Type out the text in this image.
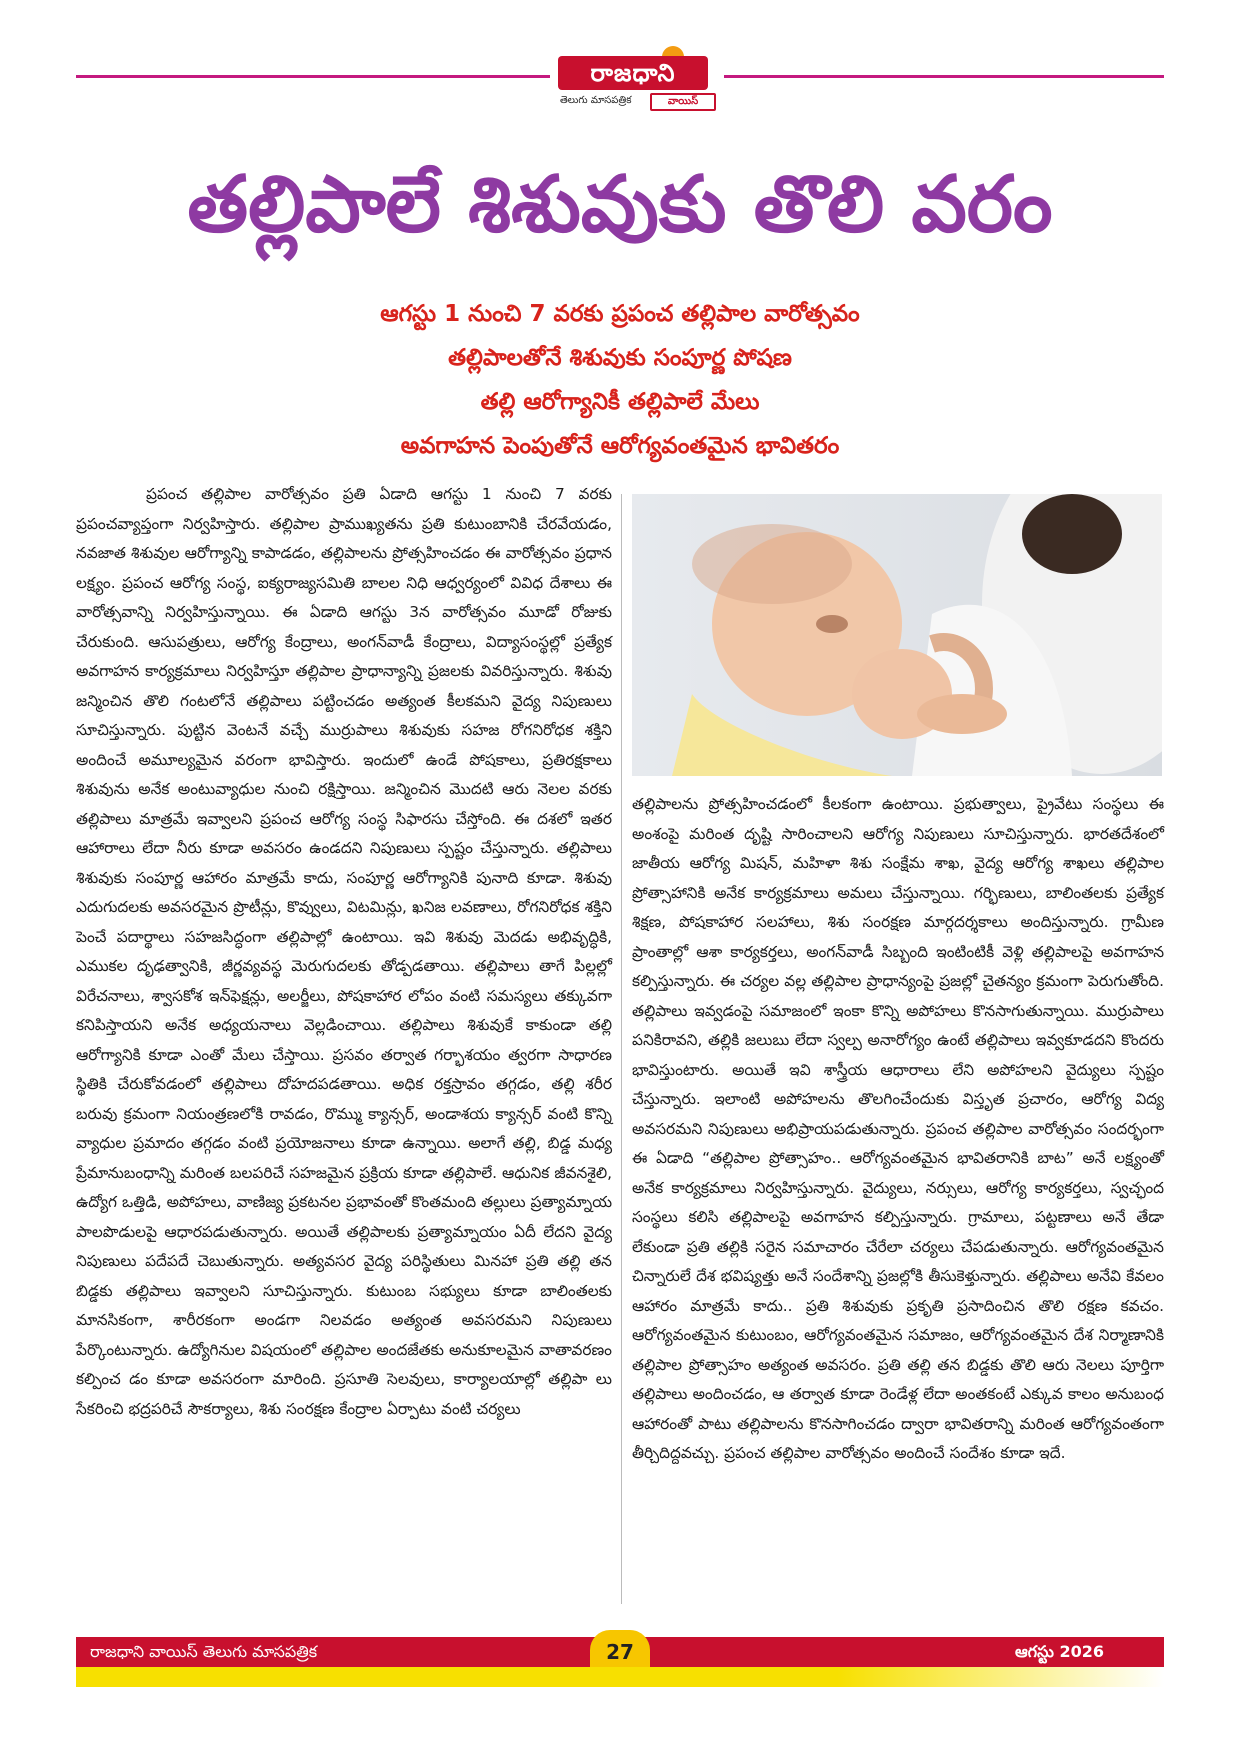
రాజధాని
తెలుగు మాసపత్రిక	వాయిస్
తల్లిపాలే శిశువుకు తొలి వరం
ఆగస్టు 1 నుంచి 7 వరకు ప్రపంచ తల్లిపాల వారోత్సవం
తల్లిపాలతోనే శిశువుకు సంపూర్ణ పోషణ
తల్లి ఆరోగ్యానికీ తల్లిపాలే మేలు
అవగాహన పెంపుతోనే ఆరోగ్యవంతమైన భావితరం

ప్రపంచ తల్లిపాల వారోత్సవం ప్రతి ఏడాది ఆగస్టు 1 నుంచి 7 వరకు ప్రపంచవ్యాప్తంగా నిర్వహిస్తారు. తల్లిపాల ప్రాముఖ్యతను ప్రతి కుటుంబానికి చేరవేయడం, నవజాత శిశువుల ఆరోగ్యాన్ని కాపాడడం, తల్లిపాలను ప్రోత్సహించడం ఈ వారోత్సవం ప్రధాన లక్ష్యం. ప్రపంచ ఆరోగ్య సంస్థ, ఐక్యరాజ్యసమితి బాలల నిధి ఆధ్వర్యంలో వివిధ దేశాలు ఈ వారోత్సవాన్ని నిర్వహిస్తున్నాయి. ఈ ఏడాది ఆగస్టు 3న వారోత్సవం మూడో రోజుకు చేరుకుంది. ఆసుపత్రులు, ఆరోగ్య కేంద్రాలు, అంగన్‌వాడీ కేంద్రాలు, విద్యాసంస్థల్లో ప్రత్యేక అవగాహన కార్యక్రమాలు నిర్వహిస్తూ తల్లిపాల ప్రాధాన్యాన్ని ప్రజలకు వివరిస్తున్నారు. శిశువు జన్మించిన తొలి గంటలోనే తల్లిపాలు పట్టించడం అత్యంత కీలకమని వైద్య నిపుణులు సూచిస్తున్నారు. పుట్టిన వెంటనే వచ్చే ముర్రుపాలు శిశువుకు సహజ రోగనిరోధక శక్తిని అందించే అమూల్యమైన వరంగా భావిస్తారు. ఇందులో ఉండే పోషకాలు, ప్రతిరక్షకాలు శిశువును అనేక అంటువ్యాధుల నుంచి రక్షిస్తాయి. జన్మించిన మొదటి ఆరు నెలల వరకు తల్లిపాలు మాత్రమే ఇవ్వాలని ప్రపంచ ఆరోగ్య సంస్థ సిఫారసు చేస్తోంది. ఈ దశలో ఇతర ఆహారాలు లేదా నీరు కూడా అవసరం ఉండదని నిపుణులు స్పష్టం చేస్తున్నారు. తల్లిపాలు శిశువుకు సంపూర్ణ ఆహారం మాత్రమే కాదు, సంపూర్ణ ఆరోగ్యానికి పునాది కూడా. శిశువు ఎదుగుదలకు అవసరమైన ప్రొటీన్లు, కొవ్వులు, విటమిన్లు, ఖనిజ లవణాలు, రోగనిరోధక శక్తిని పెంచే పదార్థాలు సహజసిద్ధంగా తల్లిపాల్లో ఉంటాయి. ఇవి శిశువు మెదడు అభివృద్ధికి, ఎముకల దృఢత్వానికి, జీర్ణవ్యవస్థ మెరుగుదలకు తోడ్పడతాయి. తల్లిపాలు తాగే పిల్లల్లో విరేచనాలు, శ్వాసకోశ ఇన్‌ఫెక్షన్లు, అలర్జీలు, పోషకాహార లోపం వంటి సమస్యలు తక్కువగా కనిపిస్తాయని అనేక అధ్యయనాలు వెల్లడించాయి. తల్లిపాలు శిశువుకే కాకుండా తల్లి ఆరోగ్యానికి కూడా ఎంతో మేలు చేస్తాయి. ప్రసవం తర్వాత గర్భాశయం త్వరగా సాధారణ స్థితికి చేరుకోవడంలో తల్లిపాలు దోహదపడతాయి. అధిక రక్తస్రావం తగ్గడం, తల్లి శరీర బరువు క్రమంగా నియంత్రణలోకి రావడం, రొమ్ము క్యాన్సర్, అండాశయ క్యాన్సర్ వంటి కొన్ని వ్యాధుల ప్రమాదం తగ్గడం వంటి ప్రయోజనాలు కూడా ఉన్నాయి. అలాగే తల్లి, బిడ్డ మధ్య ప్రేమానుబంధాన్ని మరింత బలపరిచే సహజమైన ప్రక్రియ కూడా తల్లిపాలే. ఆధునిక జీవనశైలి, ఉద్యోగ ఒత్తిడి, అపోహలు, వాణిజ్య ప్రకటనల ప్రభావంతో కొంతమంది తల్లులు ప్రత్యామ్నాయ పాలపొడులపై ఆధారపడుతున్నారు. అయితే తల్లిపాలకు ప్రత్యామ్నాయం ఏదీ లేదని వైద్య నిపుణులు పదేపదే చెబుతున్నారు. అత్యవసర వైద్య పరిస్థితులు మినహా ప్రతి తల్లి తన బిడ్డకు తల్లిపాలు ఇవ్వాలని సూచిస్తున్నారు. కుటుంబ సభ్యులు కూడా బాలింతలకు మానసికంగా, శారీరకంగా అండగా నిలవడం అత్యంత అవసరమని నిపుణులు పేర్కొంటున్నారు. ఉద్యోగినుల విషయంలో తల్లిపాల అందజేతకు అనుకూలమైన వాతావరణం కల్పించ డం కూడా అవసరంగా మారింది. ప్రసూతి సెలవులు, కార్యాలయాల్లో తల్లిపా లు సేకరించి భద్రపరిచే సౌకర్యాలు, శిశు సంరక్షణ కేంద్రాల ఏర్పాటు వంటి చర్యలు

తల్లిపాలను ప్రోత్సహించడంలో కీలకంగా ఉంటాయి. ప్రభుత్వాలు, ప్రైవేటు సంస్థలు ఈ అంశంపై మరింత దృష్టి సారించాలని ఆరోగ్య నిపుణులు సూచిస్తున్నారు. భారతదేశంలో జాతీయ ఆరోగ్య మిషన్, మహిళా శిశు సంక్షేమ శాఖ, వైద్య ఆరోగ్య శాఖలు తల్లిపాల ప్రోత్సాహానికి అనేక కార్యక్రమాలు అమలు చేస్తున్నాయి. గర్భిణులు, బాలింతలకు ప్రత్యేక శిక్షణ, పోషకాహార సలహాలు, శిశు సంరక్షణ మార్గదర్శకాలు అందిస్తున్నారు. గ్రామీణ ప్రాంతాల్లో ఆశా కార్యకర్తలు, అంగన్‌వాడీ సిబ్బంది ఇంటింటికీ వెళ్లి తల్లిపాలపై అవగాహన కల్పిస్తున్నారు. ఈ చర్యల వల్ల తల్లిపాల ప్రాధాన్యంపై ప్రజల్లో చైతన్యం క్రమంగా పెరుగుతోంది. తల్లిపాలు ఇవ్వడంపై సమాజంలో ఇంకా కొన్ని అపోహలు కొనసాగుతున్నాయి. ముర్రుపాలు పనికిరావని, తల్లికి జలుబు లేదా స్వల్ప అనారోగ్యం ఉంటే తల్లిపాలు ఇవ్వకూడదని కొందరు భావిస్తుంటారు. అయితే ఇవి శాస్త్రీయ ఆధారాలు లేని అపోహలని వైద్యులు స్పష్టం చేస్తున్నారు. ఇలాంటి అపోహలను తొలగించేందుకు విస్తృత ప్రచారం, ఆరోగ్య విద్య అవసరమని నిపుణులు అభిప్రాయపడుతున్నారు. ప్రపంచ తల్లిపాల వారోత్సవం సందర్భంగా ఈ ఏడాది “తల్లిపాల ప్రోత్సాహం.. ఆరోగ్యవంతమైన భావితరానికి బాట” అనే లక్ష్యంతో అనేక కార్యక్రమాలు నిర్వహిస్తున్నారు. వైద్యులు, నర్సులు, ఆరోగ్య కార్యకర్తలు, స్వచ్ఛంద సంస్థలు కలిసి తల్లిపాలపై అవగాహన కల్పిస్తున్నారు. గ్రామాలు, పట్టణాలు అనే తేడా లేకుండా ప్రతి తల్లికి సరైన సమాచారం చేరేలా చర్యలు చేపడుతున్నారు. ఆరోగ్యవంతమైన చిన్నారులే దేశ భవిష్యత్తు అనే సందేశాన్ని ప్రజల్లోకి తీసుకెళ్తున్నారు. తల్లిపాలు అనేవి కేవలం ఆహారం మాత్రమే కాదు.. ప్రతి శిశువుకు ప్రకృతి ప్రసాదించిన తొలి రక్షణ కవచం. ఆరోగ్యవంతమైన కుటుంబం, ఆరోగ్యవంతమైన సమాజం, ఆరోగ్యవంతమైన దేశ నిర్మాణానికి తల్లిపాల ప్రోత్సాహం అత్యంత అవసరం. ప్రతి తల్లి తన బిడ్డకు తొలి ఆరు నెలలు పూర్తిగా తల్లిపాలు అందించడం, ఆ తర్వాత కూడా రెండేళ్ల లేదా అంతకంటే ఎక్కువ కాలం అనుబంధ ఆహారంతో పాటు తల్లిపాలను కొనసాగించడం ద్వారా భావితరాన్ని మరింత ఆరోగ్యవంతంగా తీర్చిదిద్దవచ్చు. ప్రపంచ తల్లిపాల వారోత్సవం అందించే సందేశం కూడా ఇదే.

రాజధాని వాయిస్ తెలుగు మాసపత్రిక	ఆగస్టు 2026
27
